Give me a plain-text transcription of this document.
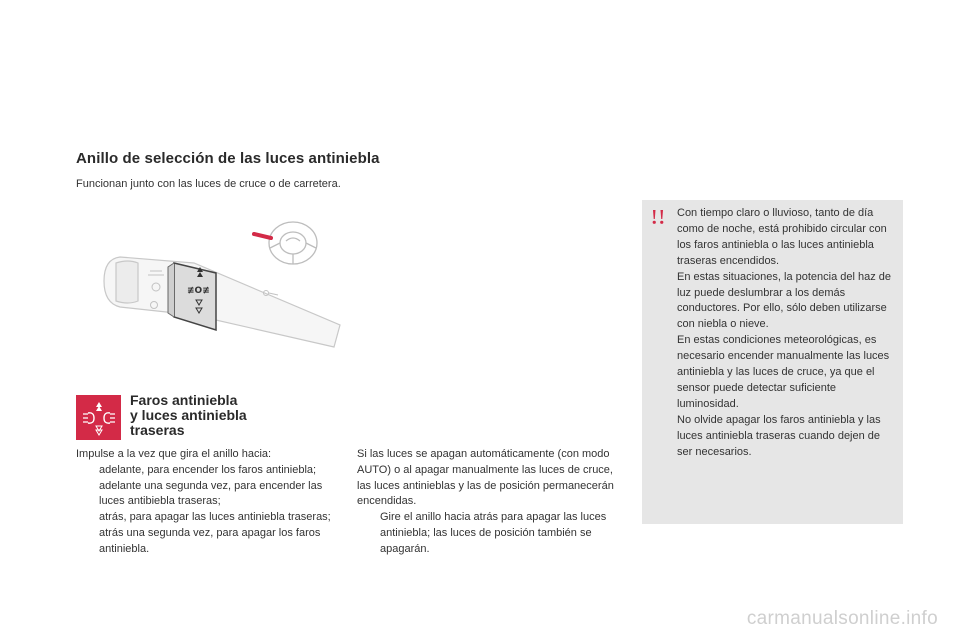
Anillo de selección de las luces antiniebla
Funcionan junto con las luces de cruce o de carretera.
≢O≢
Faros antiniebla
y luces antiniebla
traseras
Impulse a la vez que gira el anillo hacia:
adelante, para encender los faros antiniebla;
adelante una segunda vez, para encender las luces antibiebla traseras;
atrás, para apagar las luces antiniebla traseras;
atrás una segunda vez, para apagar los faros antiniebla.
Si las luces se apagan automáticamente (con modo AUTO) o al apagar manualmente las luces de cruce, las luces antinieblas y las de posición permanecerán encendidas.
Gire el anillo hacia atrás para apagar las luces antiniebla; las luces de posición también se apagarán.

Con tiempo claro o lluvioso, tanto de día como de noche, está prohibido circular con los faros antiniebla o las luces antiniebla traseras encendidos.

En estas situaciones, la potencia del haz de luz puede deslumbrar a los demás conductores. Por ello, sólo deben utilizarse con niebla o nieve.

En estas condiciones meteorológicas, es necesario encender manualmente las luces antiniebla y las luces de cruce, ya que el sensor puede detectar suficiente luminosidad.

No olvide apagar los faros antiniebla y las luces antiniebla traseras cuando dejen de ser necesarios.

carmanualsonline.info
